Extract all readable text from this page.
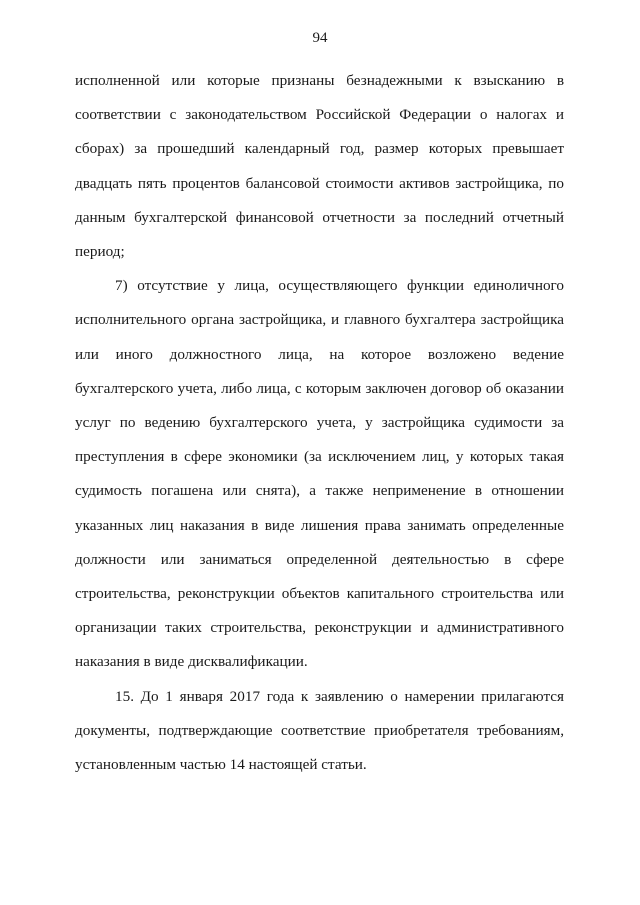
94

исполненной или которые признаны безнадежными к взысканию в соответствии с законодательством Российской Федерации о налогах и сборах) за прошедший календарный год, размер которых превышает двадцать пять процентов балансовой стоимости активов застройщика, по данным бухгалтерской финансовой отчетности за последний отчетный период;

7) отсутствие у лица, осуществляющего функции единоличного исполнительного органа застройщика, и главного бухгалтера застройщика или иного должностного лица, на которое возложено ведение бухгалтерского учета, либо лица, с которым заключен договор об оказании услуг по ведению бухгалтерского учета, у застройщика судимости за преступления в сфере экономики (за исключением лиц, у которых такая судимость погашена или снята), а также неприменение в отношении указанных лиц наказания в виде лишения права занимать определенные должности или заниматься определенной деятельностью в сфере строительства, реконструкции объектов капитального строительства или организации таких строительства, реконструкции и административного наказания в виде дисквалификации.

15. До 1 января 2017 года к заявлению о намерении прилагаются документы, подтверждающие соответствие приобретателя требованиям, установленным частью 14 настоящей статьи.
